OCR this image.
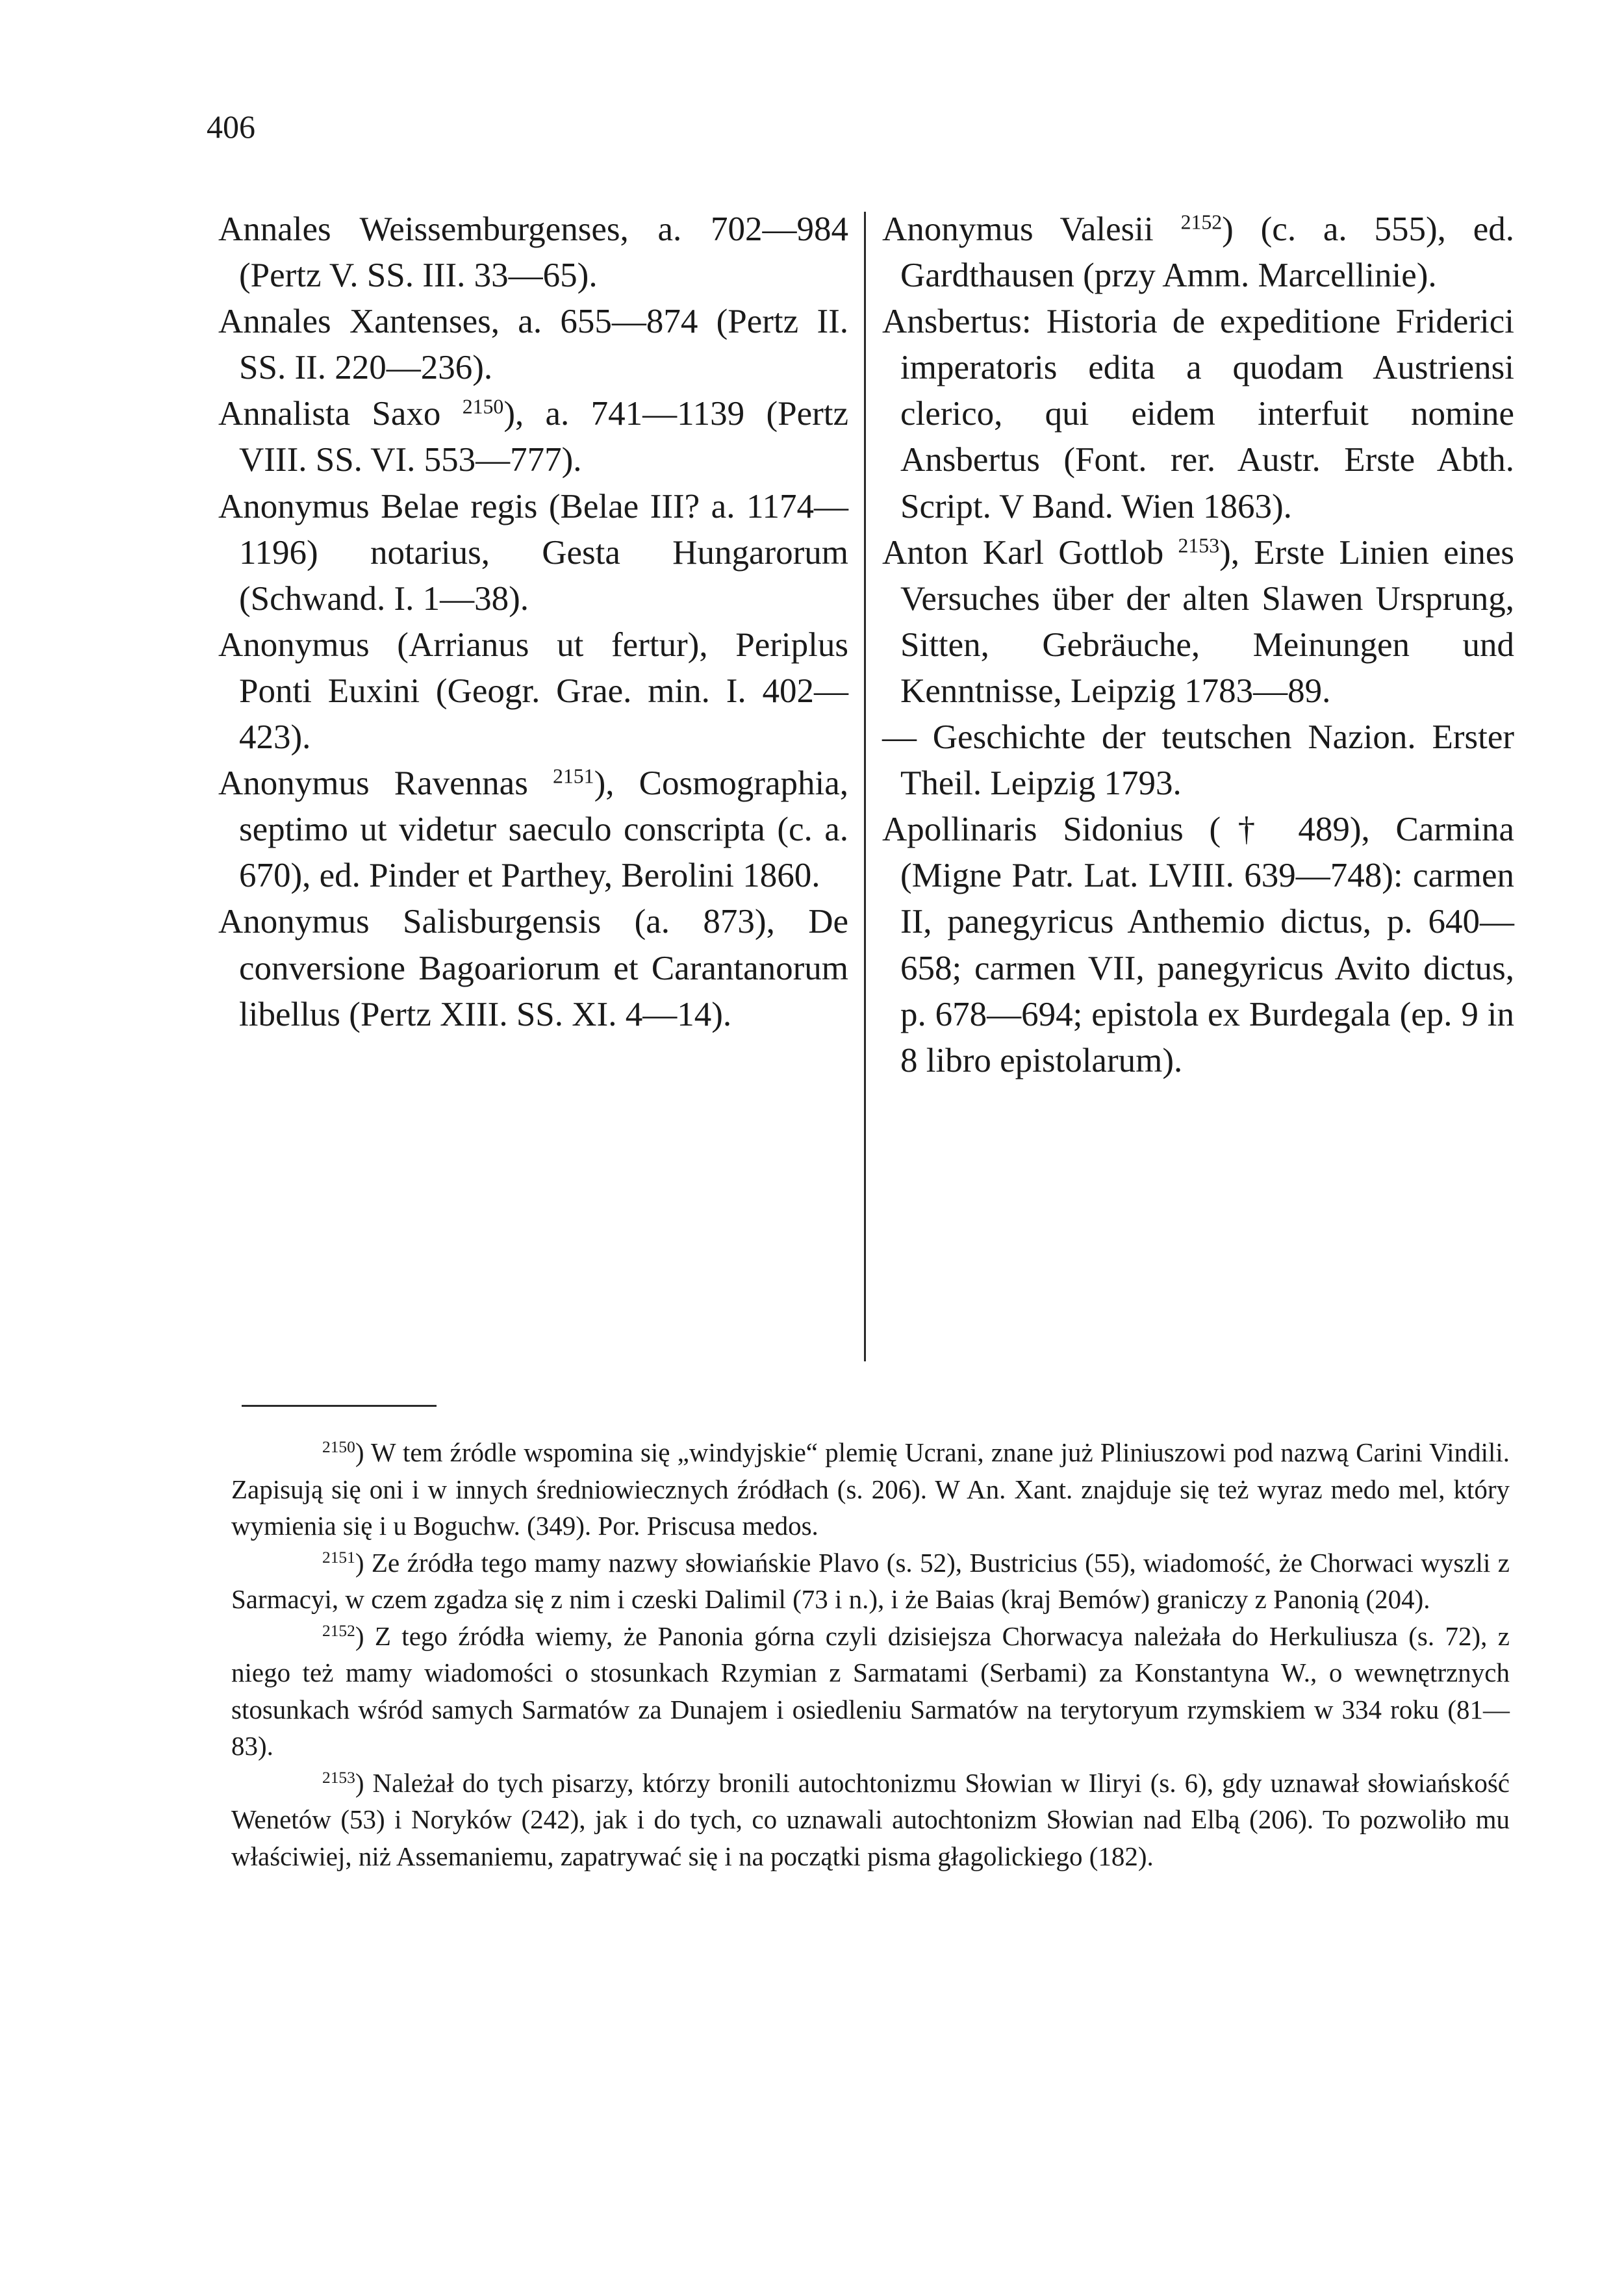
406
Annales Weissemburgenses, a. 702—984 (Pertz V. SS. III. 33—65).
Annales Xantenses, a. 655—874 (Pertz II. SS. II. 220—236).
Annalista Saxo $^{2150}$), a. 741—1139 (Pertz VIII. SS. VI. 553—777).
Anonymus Belae regis (Belae III? a. 1174—1196) notarius, Gesta Hungarorum (Schwand. I. 1—38).
Anonymus (Arrianus ut fertur), Periplus Ponti Euxini (Geogr. Grae. min. I. 402—423).
Anonymus Ravennas $^{2151}$), Cosmographia, septimo ut videtur saeculo conscripta (c. a. 670), ed. Pinder et Parthey, Berolini 1860.
Anonymus Salisburgensis (a. 873), De conversione Bagoariorum et Carantanorum libellus (Pertz XIII. SS. XI. 4—14).
Anonymus Valesii $^{2152}$) (c. a. 555), ed. Gardthausen (przy Amm. Marcellinie).
Ansbertus: Historia de expeditione Friderici imperatoris edita a quodam Austriensi clerico, qui eidem interfuit nomine Ansbertus (Font. rer. Austr. Erste Abth. Script. V Band. Wien 1863).
Anton Karl Gottlob $^{2153}$), Erste Linien eines Versuches über der alten Slawen Ursprung, Sitten, Gebräuche, Meinungen und Kenntnisse, Leipzig 1783—89.
— Geschichte der teutschen Nazion. Erster Theil. Leipzig 1793.
Apollinaris Sidonius († 489), Carmina (Migne Patr. Lat. LVIII. 639—748): carmen II, panegyricus Anthemio dictus, p. 640—658; carmen VII, panegyricus Avito dictus, p. 678—694; epistola ex Burdegala (ep. 9 in 8 libro epistolarum).
$^{2150}$) W tem źródle wspomina się „windyjskie“ plemię Ucrani, znane już Pliniuszowi pod nazwą Carini Vindili. Zapisują się oni i w innych średniowiecznych źródłach (s. 206). W An. Xant. znajduje się też wyraz medo mel, który wymienia się i u Boguchw. (349). Por. Priscusa medos.
$^{2151}$) Ze źródła tego mamy nazwy słowiańskie Plavo (s. 52), Bustricius (55), wiadomość, że Chorwaci wyszli z Sarmacyi, w czem zgadza się z nim i czeski Dalimil (73 i n.), i że Baias (kraj Bemów) graniczy z Panonią (204).
$^{2152}$) Z tego źródła wiemy, że Panonia górna czyli dzisiejsza Chorwacya należała do Herkuliusza (s. 72), z niego też mamy wiadomości o stosunkach Rzymian z Sarmatami (Serbami) za Konstantyna W., o wewnętrznych stosunkach wśród samych Sarmatów za Dunajem i osiedleniu Sarmatów na terytoryum rzymskiem w 334 roku (81—83).
$^{2153}$) Należał do tych pisarzy, którzy bronili autochtonizmu Słowian w Iliryi (s. 6), gdy uznawał słowiańskość Wenetów (53) i Noryków (242), jak i do tych, co uznawali autochtonizm Słowian nad Elbą (206). To pozwoliło mu właściwiej, niż Assemaniemu, zapatrywać się i na początki pisma głagolickiego (182).
